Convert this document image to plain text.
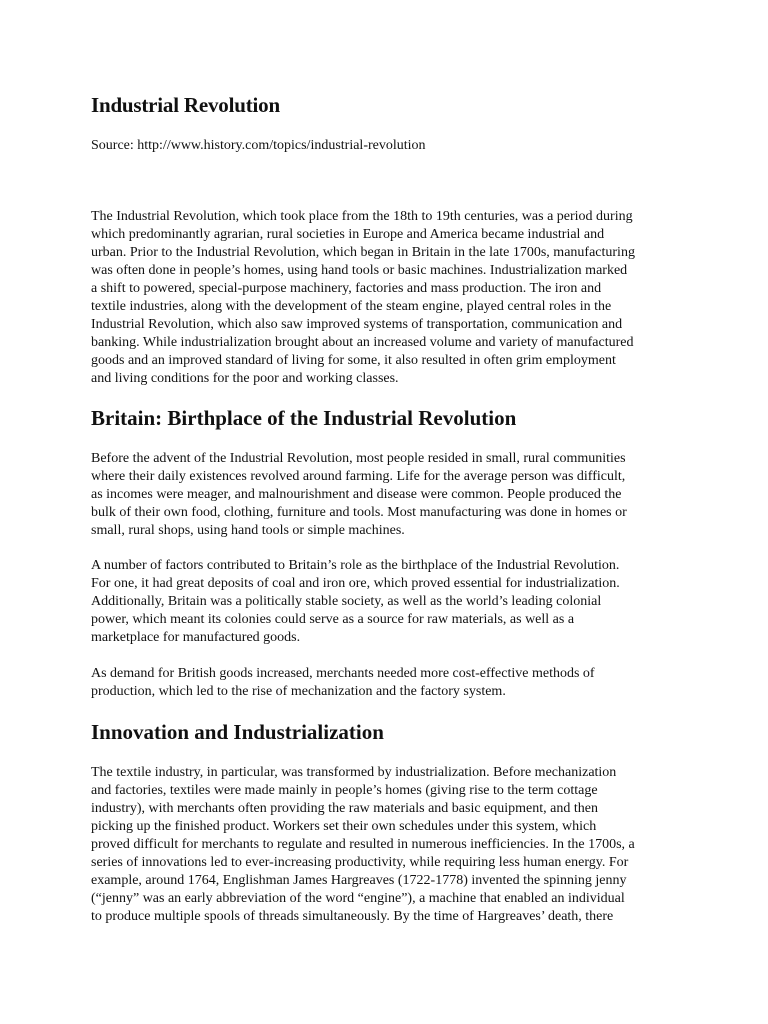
Industrial Revolution

Source: http://www.history.com/topics/industrial-revolution

The Industrial Revolution, which took place from the 18th to 19th centuries, was a period during
which predominantly agrarian, rural societies in Europe and America became industrial and
urban. Prior to the Industrial Revolution, which began in Britain in the late 1700s, manufacturing
was often done in people’s homes, using hand tools or basic machines. Industrialization marked
a shift to powered, special-purpose machinery, factories and mass production. The iron and
textile industries, along with the development of the steam engine, played central roles in the
Industrial Revolution, which also saw improved systems of transportation, communication and
banking. While industrialization brought about an increased volume and variety of manufactured
goods and an improved standard of living for some, it also resulted in often grim employment
and living conditions for the poor and working classes.
Britain: Birthplace of the Industrial Revolution
Before the advent of the Industrial Revolution, most people resided in small, rural communities
where their daily existences revolved around farming. Life for the average person was difficult,
as incomes were meager, and malnourishment and disease were common. People produced the
bulk of their own food, clothing, furniture and tools. Most manufacturing was done in homes or
small, rural shops, using hand tools or simple machines.
A number of factors contributed to Britain’s role as the birthplace of the Industrial Revolution.
For one, it had great deposits of coal and iron ore, which proved essential for industrialization.
Additionally, Britain was a politically stable society, as well as the world’s leading colonial
power, which meant its colonies could serve as a source for raw materials, as well as a
marketplace for manufactured goods.
As demand for British goods increased, merchants needed more cost-effective methods of
production, which led to the rise of mechanization and the factory system.
Innovation and Industrialization
The textile industry, in particular, was transformed by industrialization. Before mechanization
and factories, textiles were made mainly in people’s homes (giving rise to the term cottage
industry), with merchants often providing the raw materials and basic equipment, and then
picking up the finished product. Workers set their own schedules under this system, which
proved difficult for merchants to regulate and resulted in numerous inefficiencies. In the 1700s, a
series of innovations led to ever-increasing productivity, while requiring less human energy. For
example, around 1764, Englishman James Hargreaves (1722-1778) invented the spinning jenny
(“jenny” was an early abbreviation of the word “engine”), a machine that enabled an individual
to produce multiple spools of threads simultaneously. By the time of Hargreaves’ death, there
